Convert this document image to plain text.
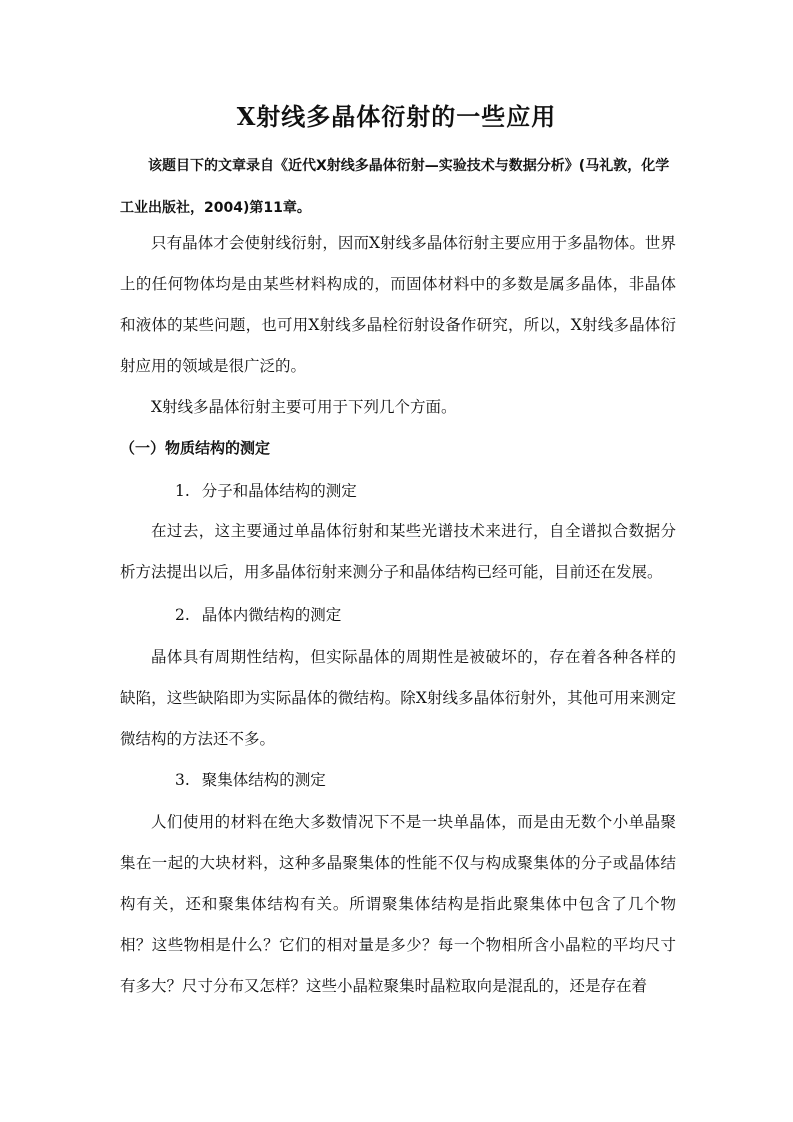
X射线多晶体衍射的一些应用
该题目下的文章录自《近代X射线多晶体衍射—实验技术与数据分析》(马礼敦，化学工业出版社，2004)第11章。
只有晶体才会使射线衍射，因而X射线多晶体衍射主要应用于多晶物体。世界上的任何物体均是由某些材料构成的，而固体材料中的多数是属多晶体，非晶体和液体的某些问题，也可用X射线多晶栓衍射设备作研究，所以，X射线多晶体衍射应用的领域是很广泛的。
X射线多晶体衍射主要可用于下列几个方面。
（一）物质结构的测定
1. 分子和晶体结构的测定
在过去，这主要通过单晶体衍射和某些光谱技术来进行，自全谱拟合数据分析方法提出以后，用多晶体衍射来测分子和晶体结构已经可能，目前还在发展。
2. 晶体内微结构的测定
晶体具有周期性结构，但实际晶体的周期性是被破坏的，存在着各种各样的缺陷，这些缺陷即为实际晶体的微结构。除X射线多晶体衍射外，其他可用来测定微结构的方法还不多。
3. 聚集体结构的测定
人们使用的材料在绝大多数情况下不是一块单晶体，而是由无数个小单晶聚集在一起的大块材料，这种多晶聚集体的性能不仅与构成聚集体的分子或晶体结构有关，还和聚集体结构有关。所谓聚集体结构是指此聚集体中包含了几个物相？这些物相是什么？它们的相对量是多少？每一个物相所含小晶粒的平均尺寸有多大？尺寸分布又怎样？这些小晶粒聚集时晶粒取向是混乱的，还是存在着
